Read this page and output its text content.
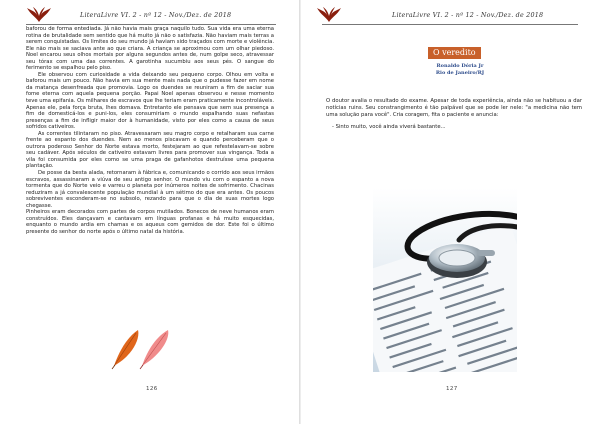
LiteraLivre VI. 2 - nº 12 - Nov./Dez. de 2018	LiteraLivre VI. 2 - nº 12 - Nov./Dez. de 2018

baforou de forma entediada. Já não havia mais graça naquilo tudo. Sua vida era uma eterna rotina de brutalidade sem sentido que há muito já não o satisfazia. Não haviam mais terras a serem conquistadas. Os limites do seu mundo já haviam sido traçados com morte e violência. Ele não mais se saciava ante ao que criara. A criança se aproximou com um olhar piedoso. Noel encarou seus olhos mortais por alguns segundos antes de, num golpe seco, atravessar seu tórax com uma das correntes. A garotinha sucumbiu aos seus pés. O sangue do ferimento se espalhou pelo piso.

Ele observou com curiosidade a vida deixando seu pequeno corpo. Olhou em volta e baforou mais um pouco. Não havia em sua mente mais nada que o pudesse fazer em nome da matança desenfreada que promovia. Logo os duendes se reuniram a fim de saciar sua fome eterna com aquela pequena porção. Papai Noel apenas observou e nesse momento teve uma epifania. Os milhares de escravos que lhe teriam eram praticamente incontroláveis. Apenas ele, pela força bruta, lhes domava. Entretanto ele pensava que sem sua presença a fim de domesticá-los e puni-los, eles consumiriam o mundo espalhando suas nefastas presenças a fim de infligir maior dor à humanidade, visto por eles como a causa de seus sofridos cativeiros.

As correntes tilintaram no piso. Atravessaram seu magro corpo e retalharam sua carne frente ao espanto dos duendes. Nem ao menos piscavam e quando perceberam que o outrora poderoso Senhor do Norte estava morto, festejaram ao que refestelavam-se sobre seu cadáver. Após séculos de cativeiro estavam livres para promover sua vingança. Toda a vila foi consumida por eles como se uma praga de gafanhotos destruísse uma pequena plantação.

De posse da besta alada, retornaram à fábrica e, comunicando o corrido aos seus irmãos escravos, assassinaram a viúva de seu antigo senhor. O mundo viu com o espanto a nova tormenta que do Norte veio e varreu o planeta por inúmeros noites de sofrimento. Chacinas reduziram a já convalescente população mundial à um sétimo do que era antes. Os poucos sobreviventes esconderam-se no subsolo, rezando para que o dia de suas mortes logo chegasse.

Pinheiros eram decorados com partes de corpos mutilados. Bonecos de neve humanos eram construídos. Eles dançavam e cantavam em línguas profanas e há muito esquecidas, enquanto o mundo ardia em chamas e os aqueus com gemidos de dor. Este foi o último presente do senhor do norte após o último natal da história.

126
O veredito
Ronaldo Dória Jr
Rio de Janeiro/RJ
O doutor avalia o resultado do exame. Apesar de toda experiência, ainda não se habituou a dar notícias ruins. Seu constrangimento é tão palpável que se pode ler nele: "a medicina não tem uma solução para você". Cria coragem, fita o paciente e anuncia:
- Sinto muito, você ainda viverá bastante...
127
